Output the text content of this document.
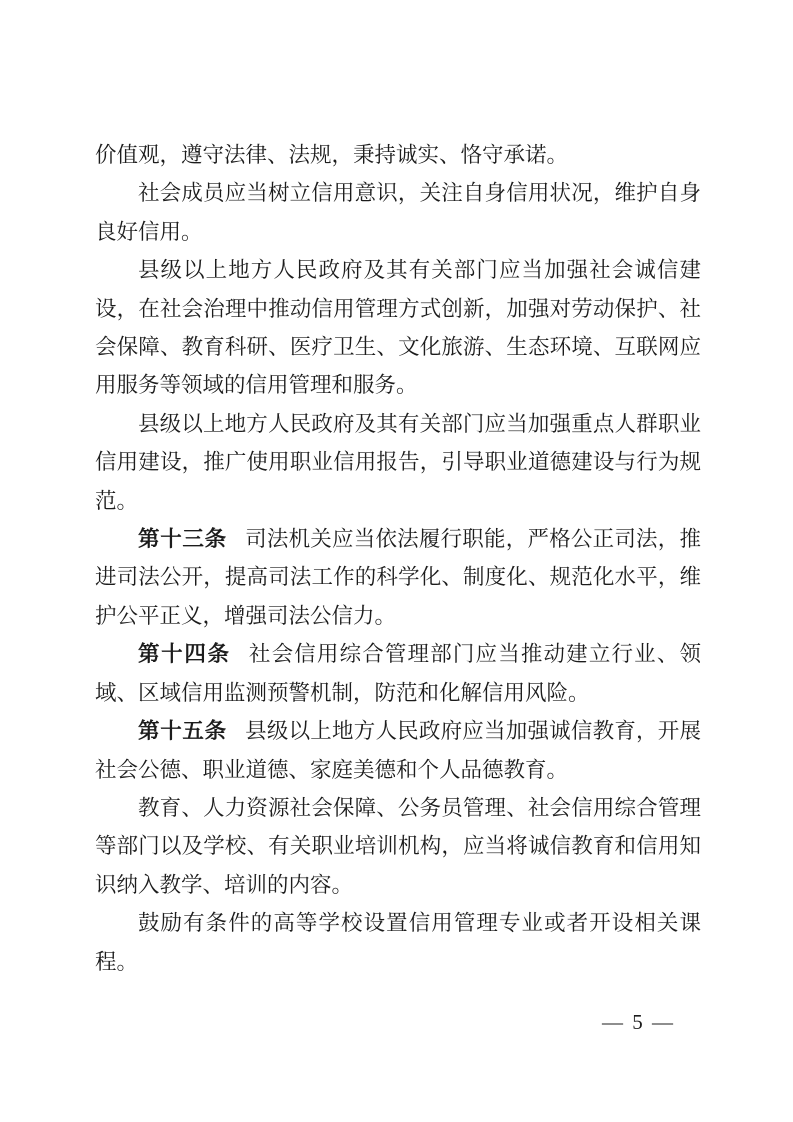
价值观，遵守法律、法规，秉持诚实、恪守承诺。

社会成员应当树立信用意识，关注自身信用状况，维护自身良好信用。

县级以上地方人民政府及其有关部门应当加强社会诚信建设，在社会治理中推动信用管理方式创新，加强对劳动保护、社会保障、教育科研、医疗卫生、文化旅游、生态环境、互联网应用服务等领域的信用管理和服务。

县级以上地方人民政府及其有关部门应当加强重点人群职业信用建设，推广使用职业信用报告，引导职业道德建设与行为规范。

第十三条 司法机关应当依法履行职能，严格公正司法，推进司法公开，提高司法工作的科学化、制度化、规范化水平，维护公平正义，增强司法公信力。

第十四条 社会信用综合管理部门应当推动建立行业、领域、区域信用监测预警机制，防范和化解信用风险。

第十五条 县级以上地方人民政府应当加强诚信教育，开展社会公德、职业道德、家庭美德和个人品德教育。

教育、人力资源社会保障、公务员管理、社会信用综合管理等部门以及学校、有关职业培训机构，应当将诚信教育和信用知识纳入教学、培训的内容。

鼓励有条件的高等学校设置信用管理专业或者开设相关课程。

— 5 —
